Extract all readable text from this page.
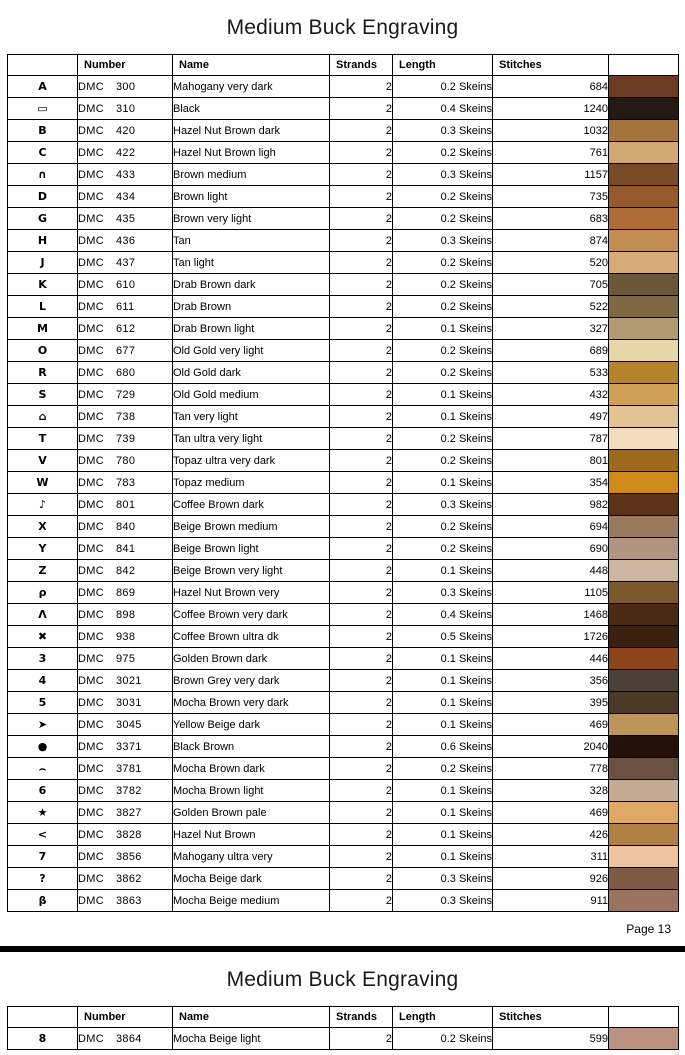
Medium Buck Engraving
	Number	Name	Strands	Length	Stitches	
A	DMC 300	Mahogany very dark	2	0.2 Skeins	684	

▭	DMC 310	Black	2	0.4 Skeins	1240	

B	DMC 420	Hazel Nut Brown dark	2	0.3 Skeins	1032	

C	DMC 422	Hazel Nut Brown ligh	2	0.2 Skeins	761	

∩	DMC 433	Brown medium	2	0.3 Skeins	1157	

D	DMC 434	Brown light	2	0.2 Skeins	735	

G	DMC 435	Brown very light	2	0.2 Skeins	683	

H	DMC 436	Tan	2	0.3 Skeins	874	

J	DMC 437	Tan light	2	0.2 Skeins	520	

K	DMC 610	Drab Brown dark	2	0.2 Skeins	705	

L	DMC 611	Drab Brown	2	0.2 Skeins	522	

M	DMC 612	Drab Brown light	2	0.1 Skeins	327	

O	DMC 677	Old Gold very light	2	0.2 Skeins	689	

R	DMC 680	Old Gold dark	2	0.2 Skeins	533	

S	DMC 729	Old Gold medium	2	0.1 Skeins	432	

⌂	DMC 738	Tan very light	2	0.1 Skeins	497	

T	DMC 739	Tan ultra very light	2	0.2 Skeins	787	

V	DMC 780	Topaz ultra very dark	2	0.2 Skeins	801	

W	DMC 783	Topaz medium	2	0.1 Skeins	354	

♪	DMC 801	Coffee Brown dark	2	0.3 Skeins	982	

X	DMC 840	Beige Brown medium	2	0.2 Skeins	694	

Y	DMC 841	Beige Brown light	2	0.2 Skeins	690	

Z	DMC 842	Beige Brown very light	2	0.1 Skeins	448	

ρ	DMC 869	Hazel Nut Brown very	2	0.3 Skeins	1105	

Λ	DMC 898	Coffee Brown very dark	2	0.4 Skeins	1468	

✖	DMC 938	Coffee Brown ultra dk	2	0.5 Skeins	1726	

3	DMC 975	Golden Brown dark	2	0.1 Skeins	446	

4	DMC 3021	Brown Grey very dark	2	0.1 Skeins	356	

5	DMC 3031	Mocha Brown very dark	2	0.1 Skeins	395	

➤	DMC 3045	Yellow Beige dark	2	0.1 Skeins	469	

●	DMC 3371	Black Brown	2	0.6 Skeins	2040	

⌢	DMC 3781	Mocha Brown dark	2	0.2 Skeins	778	

6	DMC 3782	Mocha Brown light	2	0.1 Skeins	328	

★	DMC 3827	Golden Brown pale	2	0.1 Skeins	469	

<	DMC 3828	Hazel Nut Brown	2	0.1 Skeins	426	

7	DMC 3856	Mahogany ultra very	2	0.1 Skeins	311	

?	DMC 3862	Mocha Beige dark	2	0.3 Skeins	926	

β	DMC 3863	Mocha Beige medium	2	0.3 Skeins	911	
Page 13
Medium Buck Engraving
	Number	Name	Strands	Length	Stitches	
8	DMC 3864	Mocha Beige light	2	0.2 Skeins	599	
